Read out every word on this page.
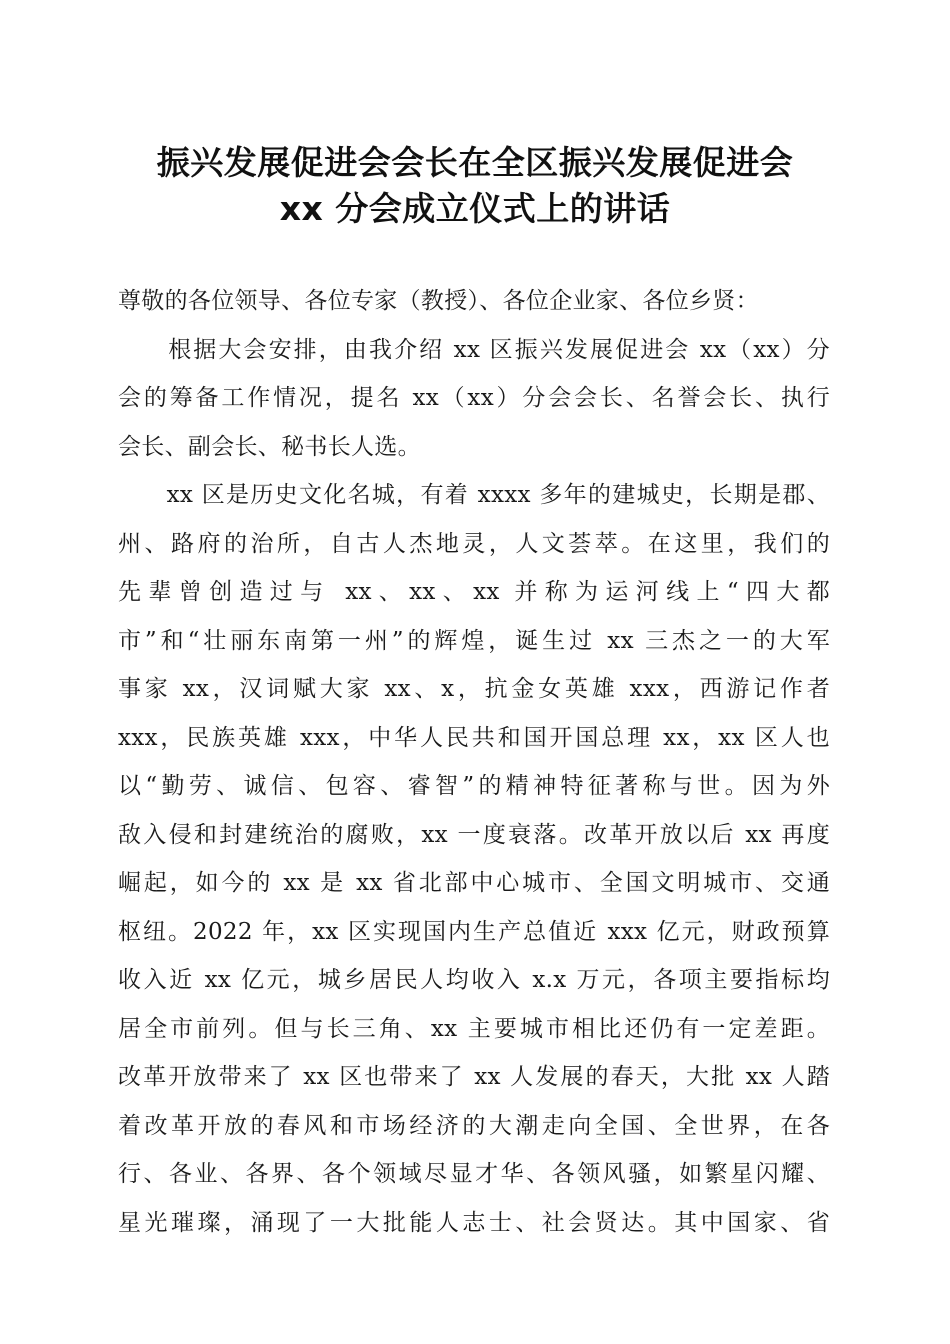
振兴发展促进会会长在全区振兴发展促进会
xx 分会成立仪式上的讲话
尊敬的各位领导、各位专家（教授）、各位企业家、各位乡贤：
　　根据大会安排，由我介绍 xx 区振兴发展促进会 xx（xx）分
会的筹备工作情况，提名 xx（xx）分会会长、名誉会长、执行
会长、副会长、秘书长人选。
　　xx 区是历史文化名城，有着 xxxx 多年的建城史，长期是郡、
州、路府的治所，自古人杰地灵，人文荟萃。在这里，我们的
先辈曾创造过与 xx、xx、xx 并称为运河线上“四大都
市”和“壮丽东南第一州”的辉煌，诞生过 xx 三杰之一的大军
事家 xx，汉词赋大家 xx、x，抗金女英雄 xxx，西游记作者
xxx，民族英雄 xxx，中华人民共和国开国总理 xx，xx 区人也
以“勤劳、诚信、包容、睿智”的精神特征著称与世。因为外
敌入侵和封建统治的腐败，xx 一度衰落。改革开放以后 xx 再度
崛起，如今的 xx 是 xx 省北部中心城市、全国文明城市、交通
枢纽。2022 年，xx 区实现国内生产总值近 xxx 亿元，财政预算
收入近 xx 亿元，城乡居民人均收入 x.x 万元，各项主要指标均
居全市前列。但与长三角、xx 主要城市相比还仍有一定差距。
改革开放带来了 xx 区也带来了 xx 人发展的春天，大批 xx 人踏
着改革开放的春风和市场经济的大潮走向全国、全世界，在各
行、各业、各界、各个领域尽显才华、各领风骚，如繁星闪耀、
星光璀璨，涌现了一大批能人志士、社会贤达。其中国家、省
